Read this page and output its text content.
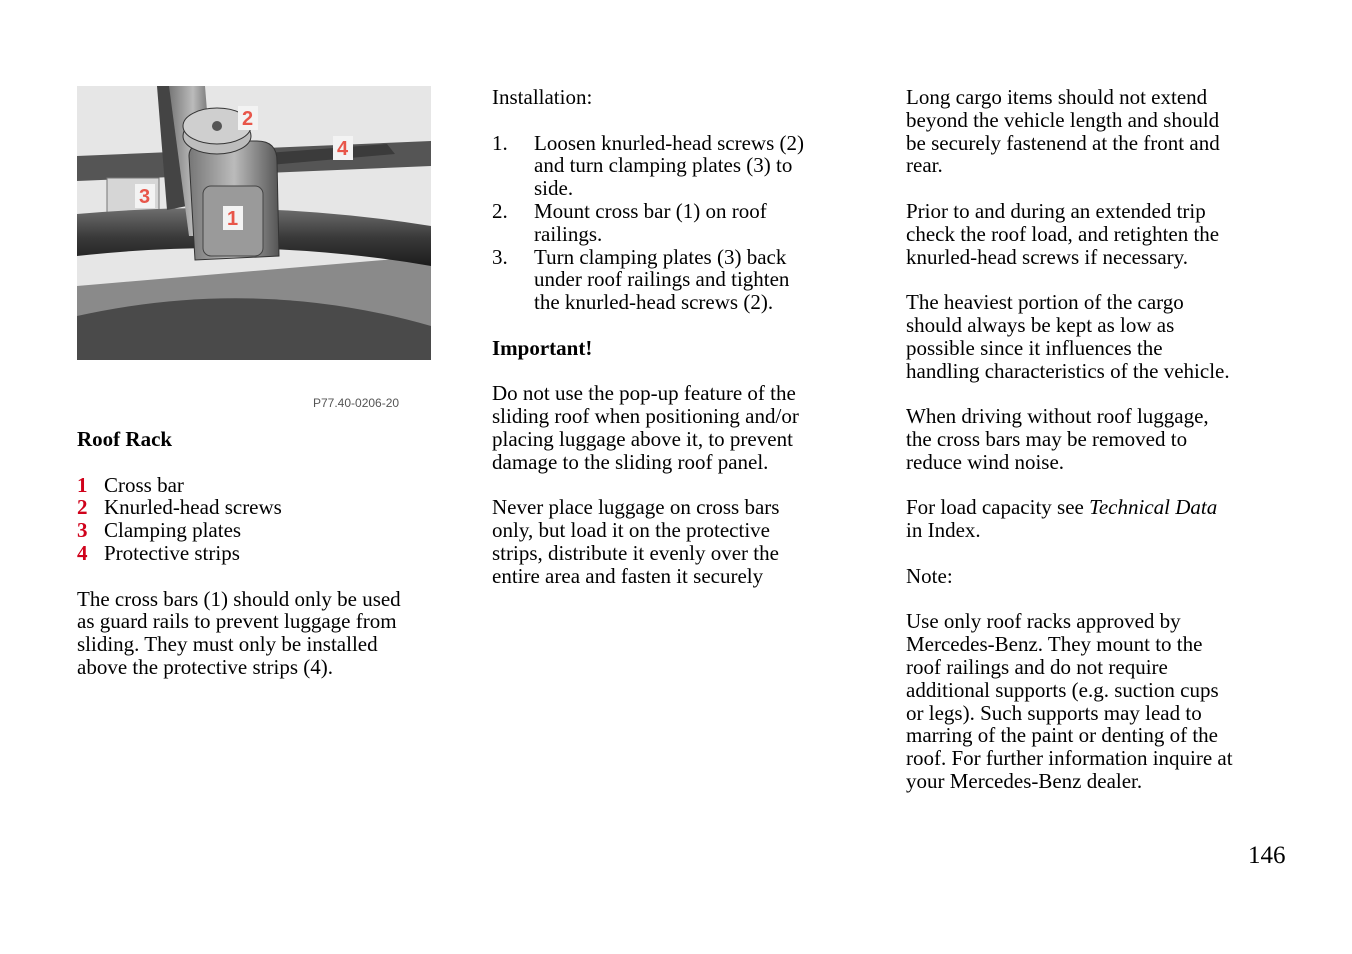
1
2
3
4
P77.40-0206-20
Roof Rack
1 Cross bar
2 Knurled-head screws
3 Clamping plates
4 Protective strips
The cross bars (1) should only be used
as guard rails to prevent luggage from
sliding. They must only be installed
above the protective strips (4).
Installation:
1.	Loosen knurled-head screws (2)
and turn clamping plates (3) to
side.
2.	Mount cross bar (1) on roof
railings.
3.	Turn clamping plates (3) back
under roof railings and tighten
the knurled-head screws (2).
Important!
Do not use the pop-up feature of the
sliding roof when positioning and/or
placing luggage above it, to prevent
damage to the sliding roof panel.
Never place luggage on cross bars
only, but load it on the protective
strips, distribute it evenly over the
entire area and fasten it securely
Long cargo items should not extend
beyond the vehicle length and should
be securely fastenend at the front and
rear.
Prior to and during an extended trip
check the roof load, and retighten the
knurled-head screws if necessary.
The heaviest portion of the cargo
should always be kept as low as
possible since it influences the
handling characteristics of the vehicle.
When driving without roof luggage,
the cross bars may be removed to
reduce wind noise.
For load capacity see Technical Data
in Index.
Note:
Use only roof racks approved by
Mercedes-Benz. They mount to the
roof railings and do not require
additional supports (e.g. suction cups
or legs). Such supports may lead to
marring of the paint or denting of the
roof. For further information inquire at
your Mercedes-Benz dealer.
146
